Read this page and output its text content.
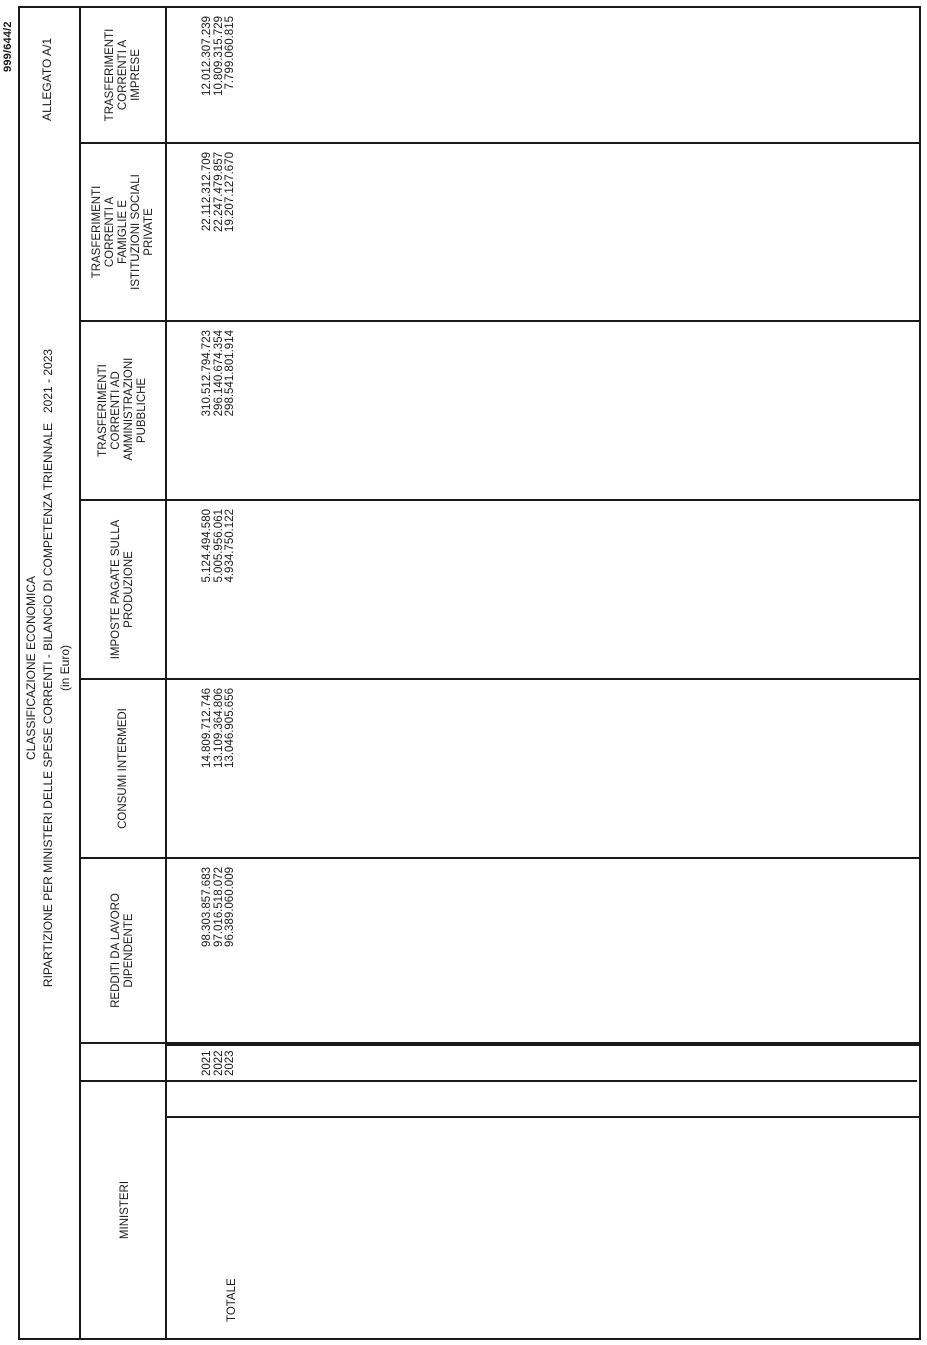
999/644/2
CLASSIFICAZIONE ECONOMICA RIPARTIZIONE PER MINISTERI DELLE SPESE CORRENTI - BILANCIO DI COMPETENZA TRIENNALE   2021 - 2023 (in Euro)
ALLEGATO A/1
MINISTERI
REDDITI DA LAVORO DIPENDENTE
CONSUMI INTERMEDI
IMPOSTE PAGATE SULLA PRODUZIONE
TRASFERIMENTI CORRENTI AD AMMINISTRAZIONI PUBBLICHE
TRASFERIMENTI CORRENTI A FAMIGLIE E ISTITUZIONI SOCIALI PRIVATE
TRASFERIMENTI CORRENTI A IMPRESE
2021 2022 2023
TOTALE
98.303.857.683 97.016.518.072 96.389.060.009
14.809.712.746 13.109.364.806 13.046.905.656
5.124.494.580 5.005.956.061 4.934.750.122
310.512.794.723 296.140.674.354 298.541.801.914
22.112.312.709 22.247.479.857 19.207.127.670
12.012.307.239 10.809.315.729 7.799.060.815
